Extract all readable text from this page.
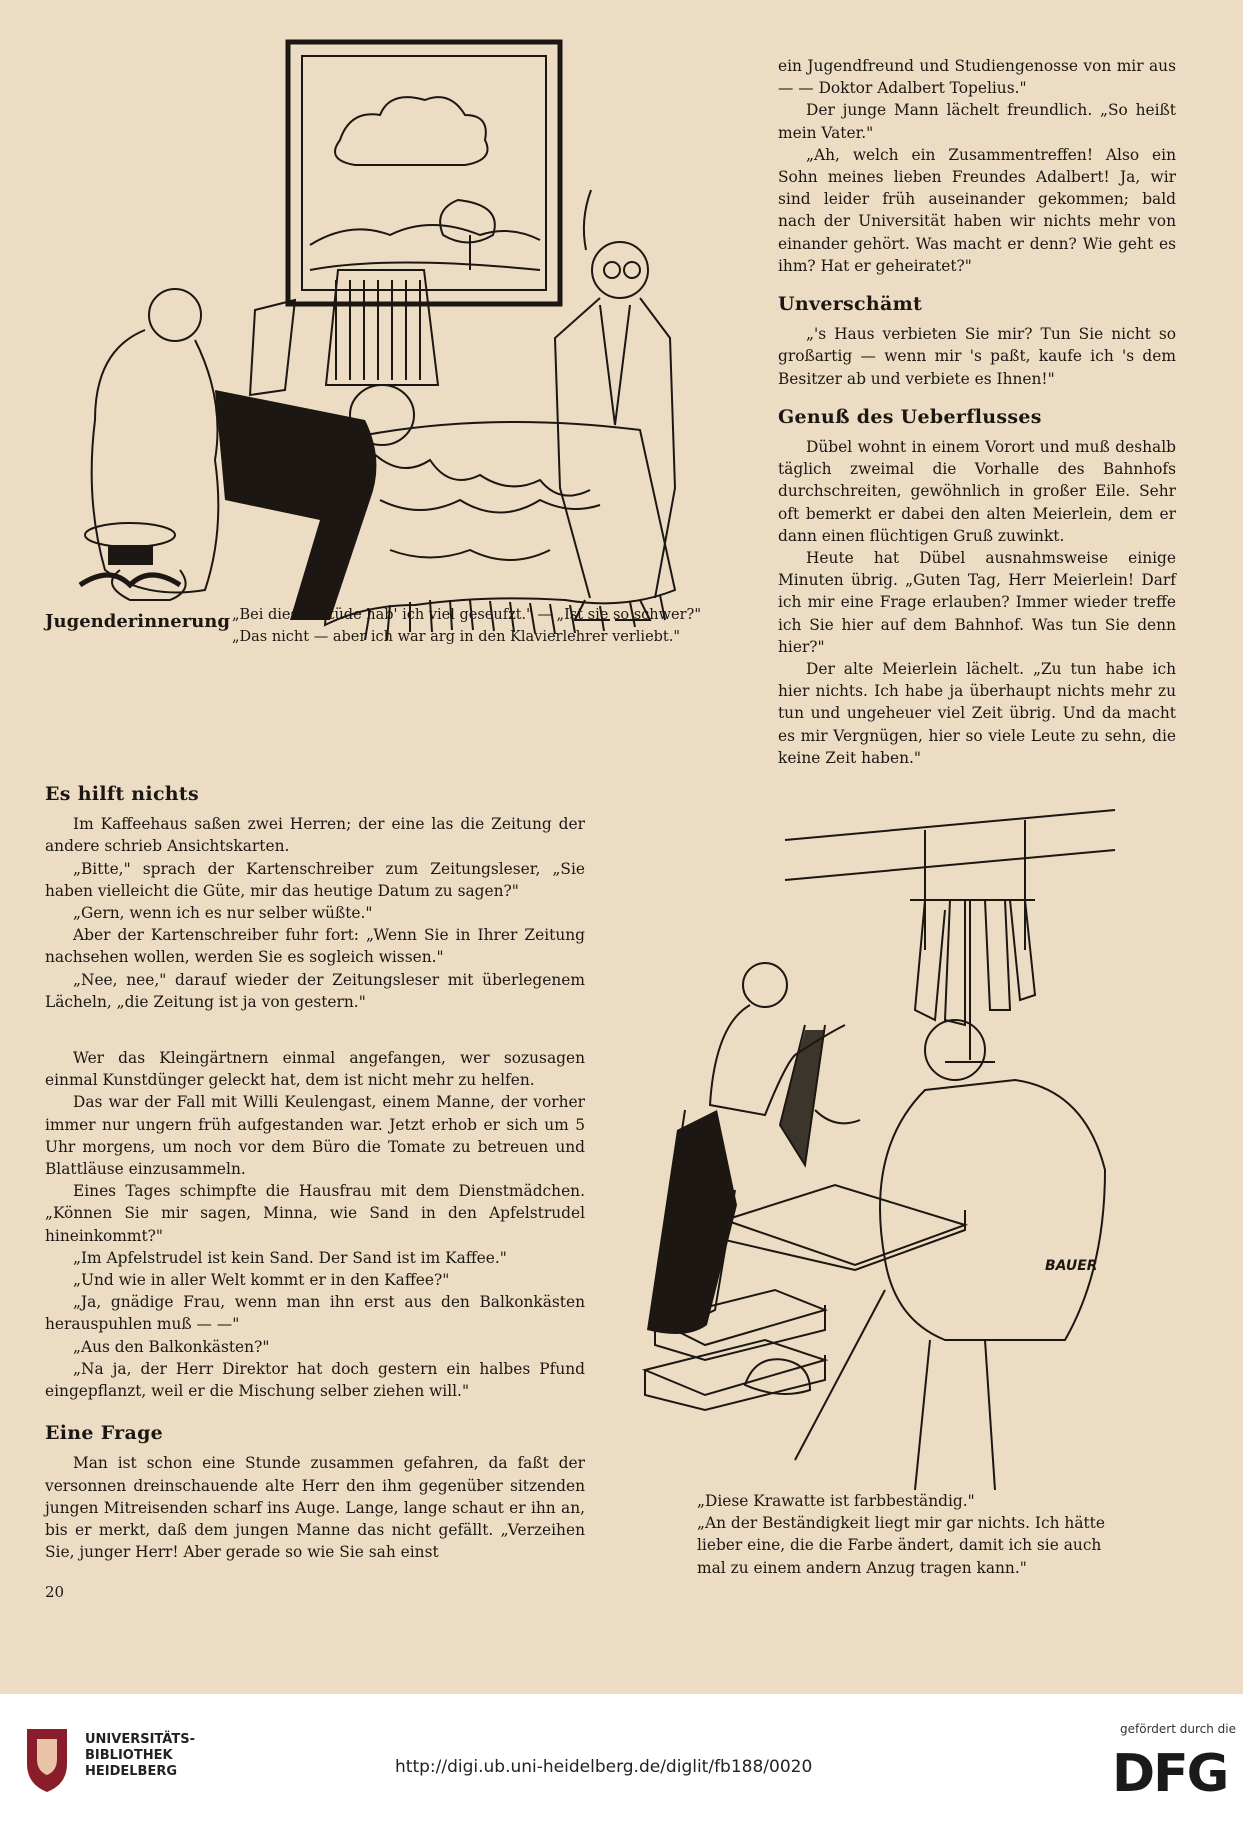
Jugenderinnerung „Bei dieser Etüde hab' ich viel geseufzt." — „Ist sie so schwer?"
„Das nicht — aber ich war arg in den Klavierlehrer verliebt."

ein Jugendfreund und Studiengenosse von mir aus — — Doktor Adalbert Topelius."

Der junge Mann lächelt freundlich. „So heißt mein Vater."

„Ah, welch ein Zusammentreffen! Also ein Sohn meines lieben Freundes Adalbert! Ja, wir sind leider früh auseinander gekommen; bald nach der Universität haben wir nichts mehr von einander gehört. Was macht er denn? Wie geht es ihm? Hat er geheiratet?"

Unverschämt

„'s Haus verbieten Sie mir? Tun Sie nicht so großartig — wenn mir 's paßt, kaufe ich 's dem Besitzer ab und verbiete es Ihnen!"

Genuß des Ueberflusses

Dübel wohnt in einem Vorort und muß deshalb täglich zweimal die Vorhalle des Bahnhofs durchschreiten, gewöhnlich in großer Eile. Sehr oft bemerkt er dabei den alten Meierlein, dem er dann einen flüchtigen Gruß zuwinkt.

Heute hat Dübel ausnahmsweise einige Minuten übrig. „Guten Tag, Herr Meierlein! Darf ich mir eine Frage erlauben? Immer wieder treffe ich Sie hier auf dem Bahnhof. Was tun Sie denn hier?"

Der alte Meierlein lächelt. „Zu tun habe ich hier nichts. Ich habe ja überhaupt nichts mehr zu tun und ungeheuer viel Zeit übrig. Und da macht es mir Vergnügen, hier so viele Leute zu sehn, die keine Zeit haben."

Es hilft nichts

Im Kaffeehaus saßen zwei Herren; der eine las die Zeitung der andere schrieb Ansichtskarten.

„Bitte," sprach der Kartenschreiber zum Zeitungsleser, „Sie haben vielleicht die Güte, mir das heutige Datum zu sagen?"

„Gern, wenn ich es nur selber wüßte."

Aber der Kartenschreiber fuhr fort: „Wenn Sie in Ihrer Zeitung nachsehen wollen, werden Sie es sogleich wissen."

„Nee, nee," darauf wieder der Zeitungsleser mit überlegenem Lächeln, „die Zeitung ist ja von gestern."

Wer das Kleingärtnern einmal angefangen, wer sozusagen einmal Kunstdünger geleckt hat, dem ist nicht mehr zu helfen.

Das war der Fall mit Willi Keulengast, einem Manne, der vorher immer nur ungern früh aufgestanden war. Jetzt erhob er sich um 5 Uhr morgens, um noch vor dem Büro die Tomate zu betreuen und Blattläuse einzusammeln.

Eines Tages schimpfte die Hausfrau mit dem Dienstmädchen. „Können Sie mir sagen, Minna, wie Sand in den Apfelstrudel hineinkommt?"

„Im Apfelstrudel ist kein Sand. Der Sand ist im Kaffee."

„Und wie in aller Welt kommt er in den Kaffee?"

„Ja, gnädige Frau, wenn man ihn erst aus den Balkonkästen herauspuhlen muß — —"

„Aus den Balkonkästen?"

„Na ja, der Herr Direktor hat doch gestern ein halbes Pfund eingepflanzt, weil er die Mischung selber ziehen will."

Eine Frage

Man ist schon eine Stunde zusammen gefahren, da faßt der versonnen dreinschauende alte Herr den ihm gegenüber sitzenden jungen Mitreisenden scharf ins Auge. Lange, lange schaut er ihn an, bis er merkt, daß dem jungen Manne das nicht gefällt. „Verzeihen Sie, junger Herr! Aber gerade so wie Sie sah einst

20
BAUER
„Diese Krawatte ist farbbeständig."
„An der Beständigkeit liegt mir gar nichts. Ich hätte lieber eine, die die Farbe ändert, damit ich sie auch mal zu einem andern Anzug tragen kann."
UNIVERSITÄTS-
BIBLIOTHEK
HEIDELBERG	http://digi.ub.uni-heidelberg.de/diglit/fb188/0020
gefördert durch die
DFG
